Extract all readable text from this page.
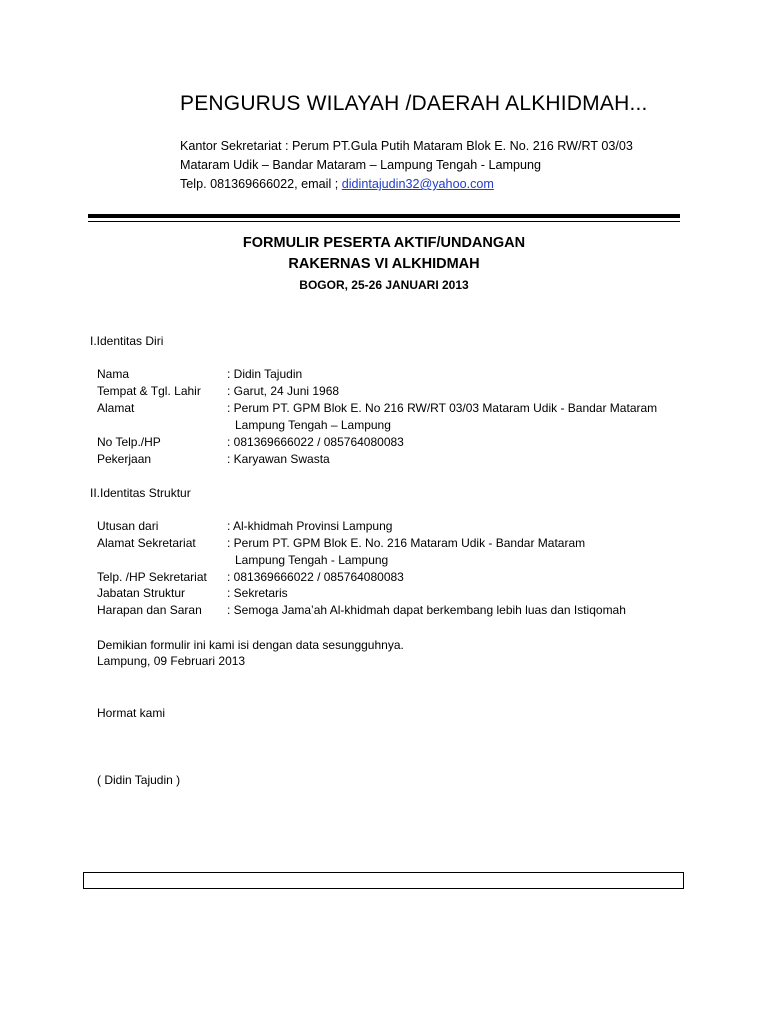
PENGURUS WILAYAH /DAERAH ALKHIDMAH...
Kantor Sekretariat : Perum PT.Gula Putih Mataram Blok E. No. 216 RW/RT 03/03
Mataram Udik – Bandar Mataram – Lampung Tengah - Lampung
Telp. 081369666022, email ; didintajudin32@yahoo.com
FORMULIR PESERTA AKTIF/UNDANGAN
RAKERNAS VI ALKHIDMAH
BOGOR, 25-26 JANUARI 2013
I.Identitas Diri
Nama	: Didin Tajudin
Tempat & Tgl. Lahir : Garut, 24 Juni 1968
Alamat	: Perum PT. GPM Blok E. No 216 RW/RT 03/03 Mataram Udik - Bandar Mataram
Lampung Tengah – Lampung
No Telp./HP	: 081369666022 / 085764080083
Pekerjaan	: Karyawan Swasta
II.Identitas Struktur
Utusan dari	: Al-khidmah Provinsi Lampung
Alamat Sekretariat	: Perum PT. GPM Blok E. No. 216 Mataram Udik - Bandar Mataram
Lampung Tengah - Lampung
Telp. /HP Sekretariat : 081369666022 / 085764080083
Jabatan Struktur	: Sekretaris
Harapan dan Saran : Semoga Jama’ah Al-khidmah dapat berkembang lebih luas dan Istiqomah
Demikian formulir ini kami isi dengan data sesungguhnya.
Lampung, 09 Februari 2013
Hormat kami
( Didin Tajudin )
